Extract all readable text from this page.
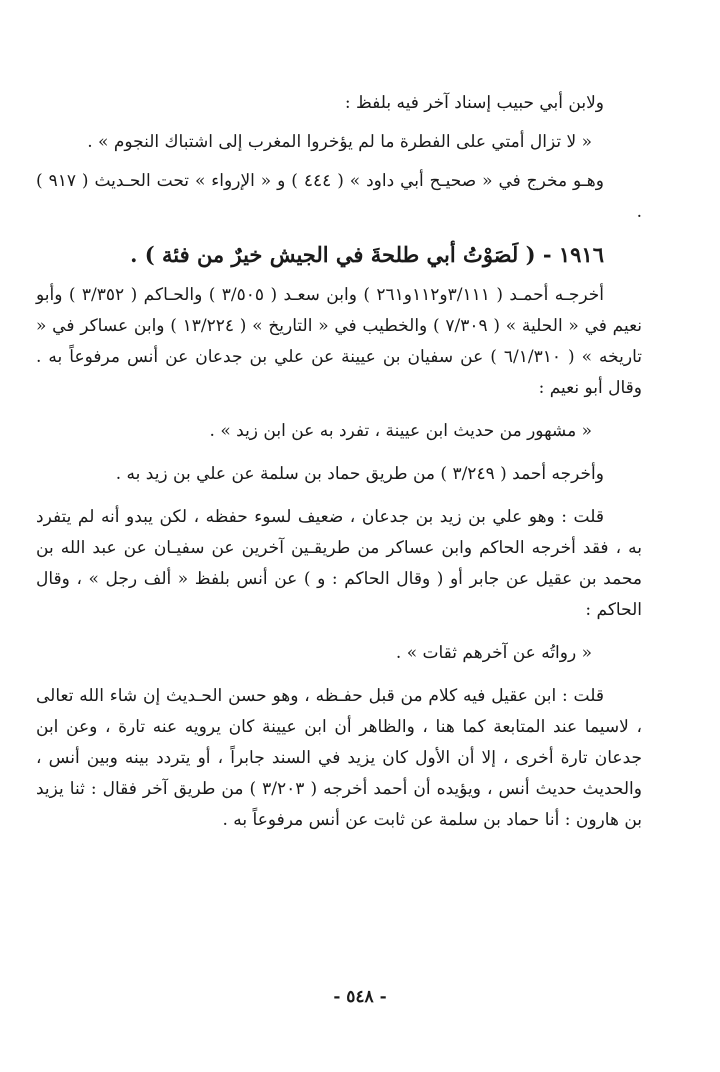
ولابن أبي حبيب إسناد آخر فيه بلفظ :

« لا تزال أمتي على الفطرة ما لم يؤخروا المغرب إلى اشتباك النجوم » .

وهـو مخرج في « صحيـح أبي داود » ( ٤٤٤ ) و « الإرواء » تحت الحـديث ( ٩١٧ ) .

١٩١٦ - ( لَصَوْتُ أبي طلحةَ في الجيش خيرٌ من فئة ) .

أخرجـه أحمـد ( ٣/١١١و١١٢و٢٦١ ) وابن سعـد ( ٣/٥٠٥ ) والحـاكم ( ٣/٣٥٢ ) وأبو نعيم في « الحلية » ( ٧/٣٠٩ ) والخطيب في « التاريخ » ( ١٣/٢٢٤ ) وابن عساكر في « تاريخه » ( ٦/١/٣١٠ ) عن سفيان بن عيينة عن علي بن جدعان عن أنس مرفوعاً به . وقال أبو نعيم :

« مشهور من حديث ابن عيينة ، تفرد به عن ابن زيد » .

وأخرجه أحمد ( ٣/٢٤٩ ) من طريق حماد بن سلمة عن علي بن زيد به .

قلت : وهو علي بن زيد بن جدعان ، ضعيف لسوء حفظه ، لكن يبدو أنه لم يتفرد به ، فقد أخرجه الحاكم وابن عساكر من طريقـين آخرين عن سفيـان عن عبد الله بن محمد بن عقيل عن جابر أو ( وقال الحاكم : و ) عن أنس بلفظ « ألف رجل » ، وقال الحاكم :

« رواتُه عن آخرهم ثقات » .

قلت : ابن عقيل فيه كلام من قبل حفـظه ، وهو حسن الحـديث إن شاء الله تعالى ، لاسيما عند المتابعة كما هنا ، والظاهر أن ابن عيينة كان يرويه عنه تارة ، وعن ابن جدعان تارة أخرى ، إلا أن الأول كان يزيد في السند جابراً ، أو يتردد بينه وبين أنس ، والحديث حديث أنس ، ويؤيده أن أحمد أخرجه ( ٣/٢٠٣ ) من طريق آخر فقال : ثنا يزيد بن هارون : أنا حماد بن سلمة عن ثابت عن أنس مرفوعاً به .

- ٥٤٨ -
